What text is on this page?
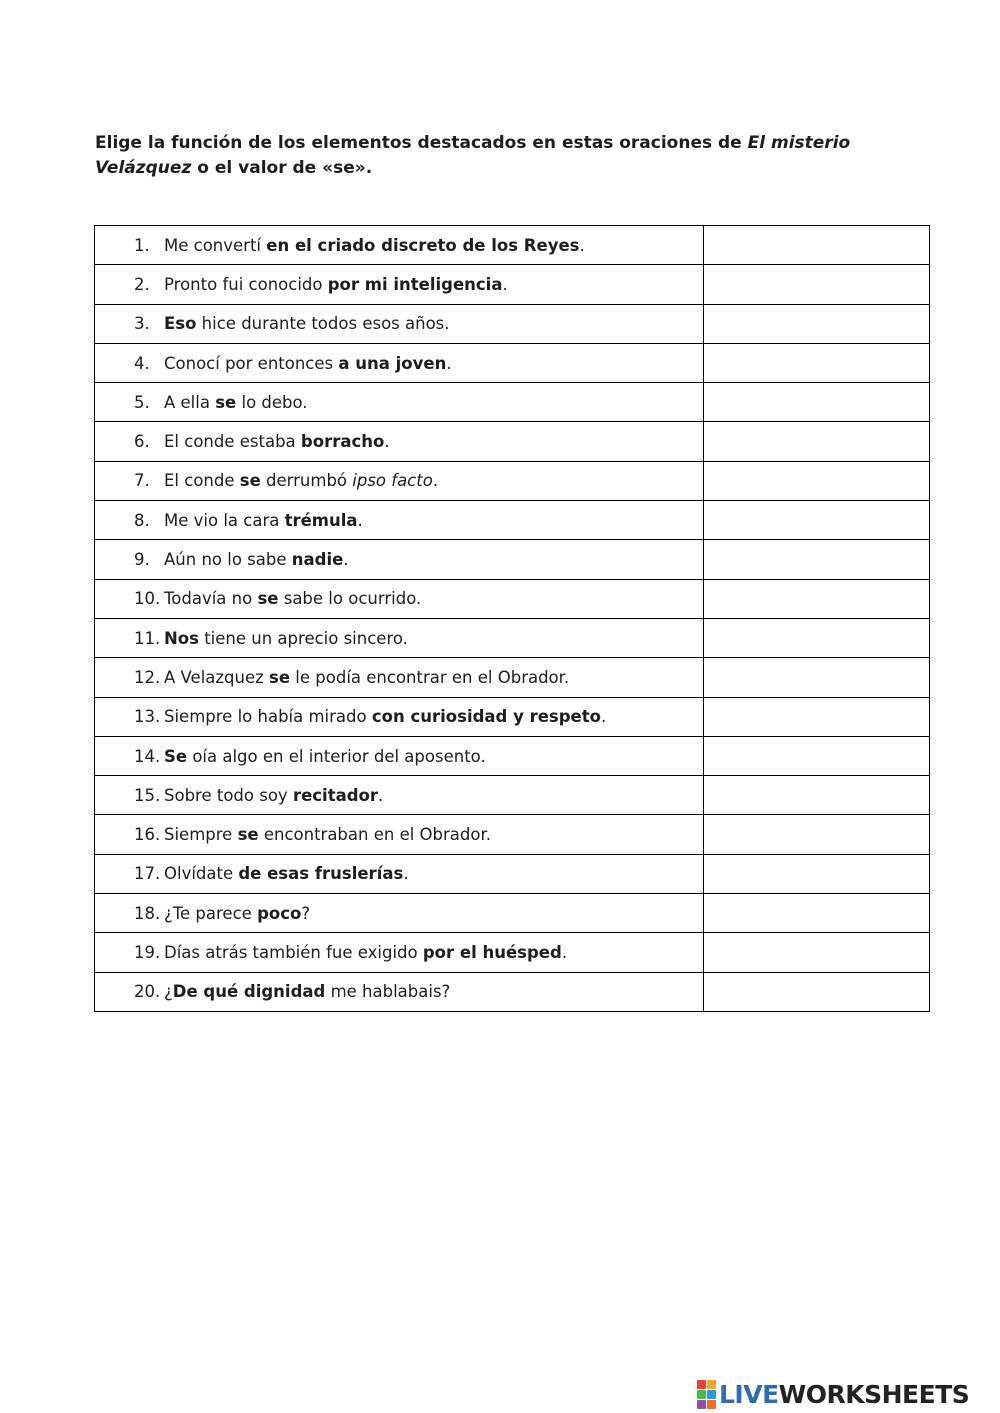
Elige la función de los elementos destacados en estas oraciones de El misterio Velázquez o el valor de «se».
1. Me convertí en el criado discreto de los Reyes.	

2. Pronto fui conocido por mi inteligencia.	

3. Eso hice durante todos esos años.	

4. Conocí por entonces a una joven.	

5. A ella se lo debo.	

6. El conde estaba borracho.	

7. El conde se derrumbó ipso facto.	

8. Me vio la cara trémula.	

9. Aún no lo sabe nadie.	

10. Todavía no se sabe lo ocurrido.	

11. Nos tiene un aprecio sincero.	

12. A Velazquez se le podía encontrar en el Obrador.	

13. Siempre lo había mirado con curiosidad y respeto.	

14. Se oía algo en el interior del aposento.	

15. Sobre todo soy recitador.	

16. Siempre se encontraban en el Obrador.	

17. Olvídate de esas fruslerías.	

18. ¿Te parece poco?	

19. Días atrás también fue exigido por el huésped.	

20. ¿De qué dignidad me hablabais?	

LIVEWORKSHEETS
